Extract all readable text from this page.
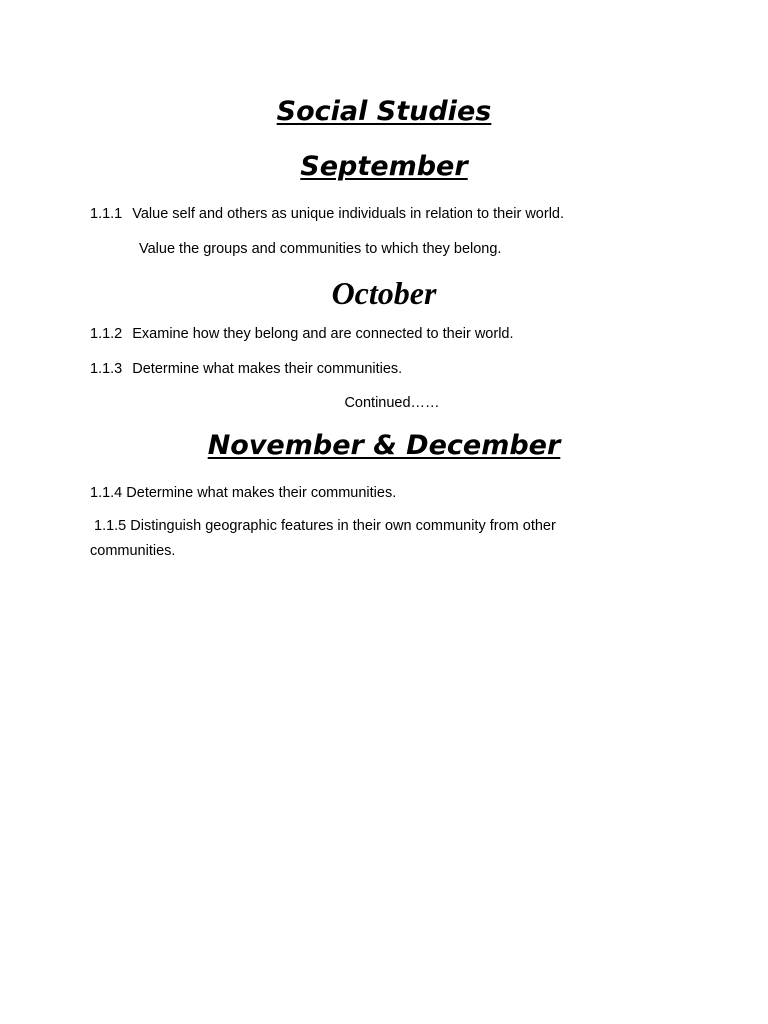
Social Studies
September
1.1.1 Value self and others as unique individuals in relation to their world.
Value the groups and communities to which they belong.
October
1.1.2 Examine how they belong and are connected to their world.
1.1.3 Determine what makes their communities.
Continued……
November & December
1.1.4 Determine what makes their communities.
1.1.5 Distinguish geographic features in their own community from other
communities.
